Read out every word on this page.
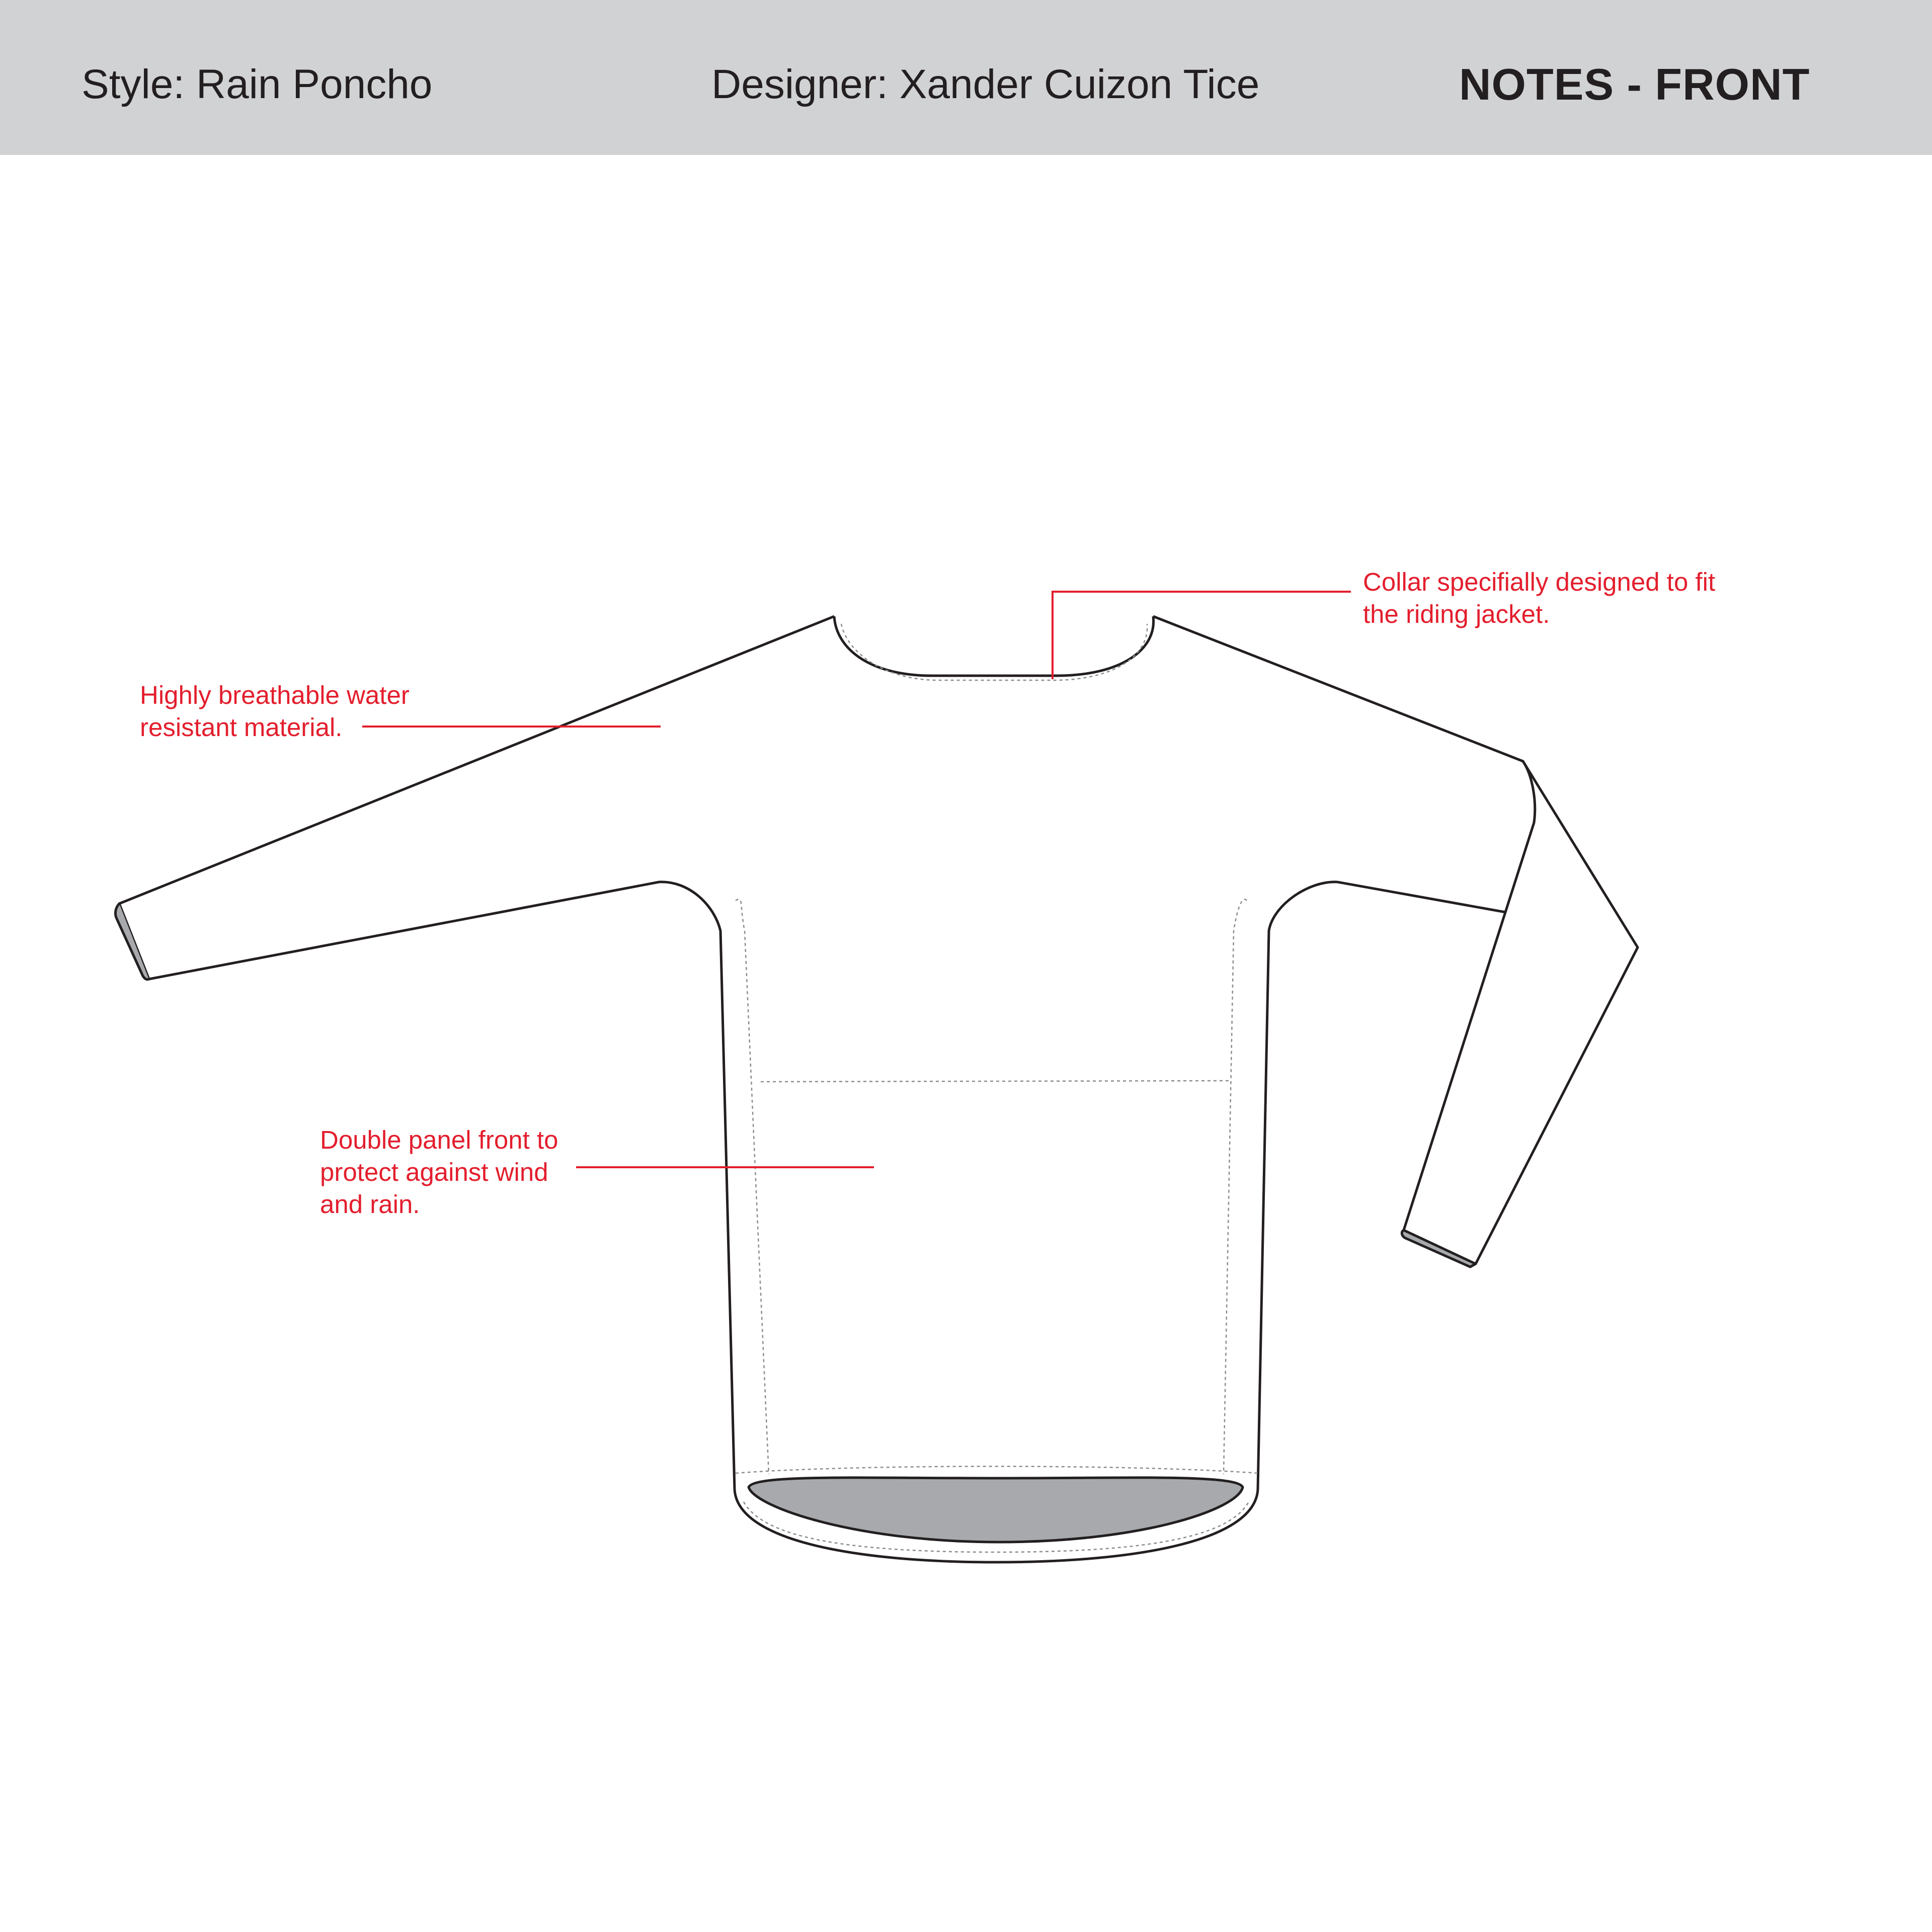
Style: Rain Poncho	Designer: Xander Cuizon Tice	NOTES - FRONT
Collar specifially designed to fit
the riding jacket.
Highly breathable water
resistant material.
Double panel front to
protect against wind
and rain.
